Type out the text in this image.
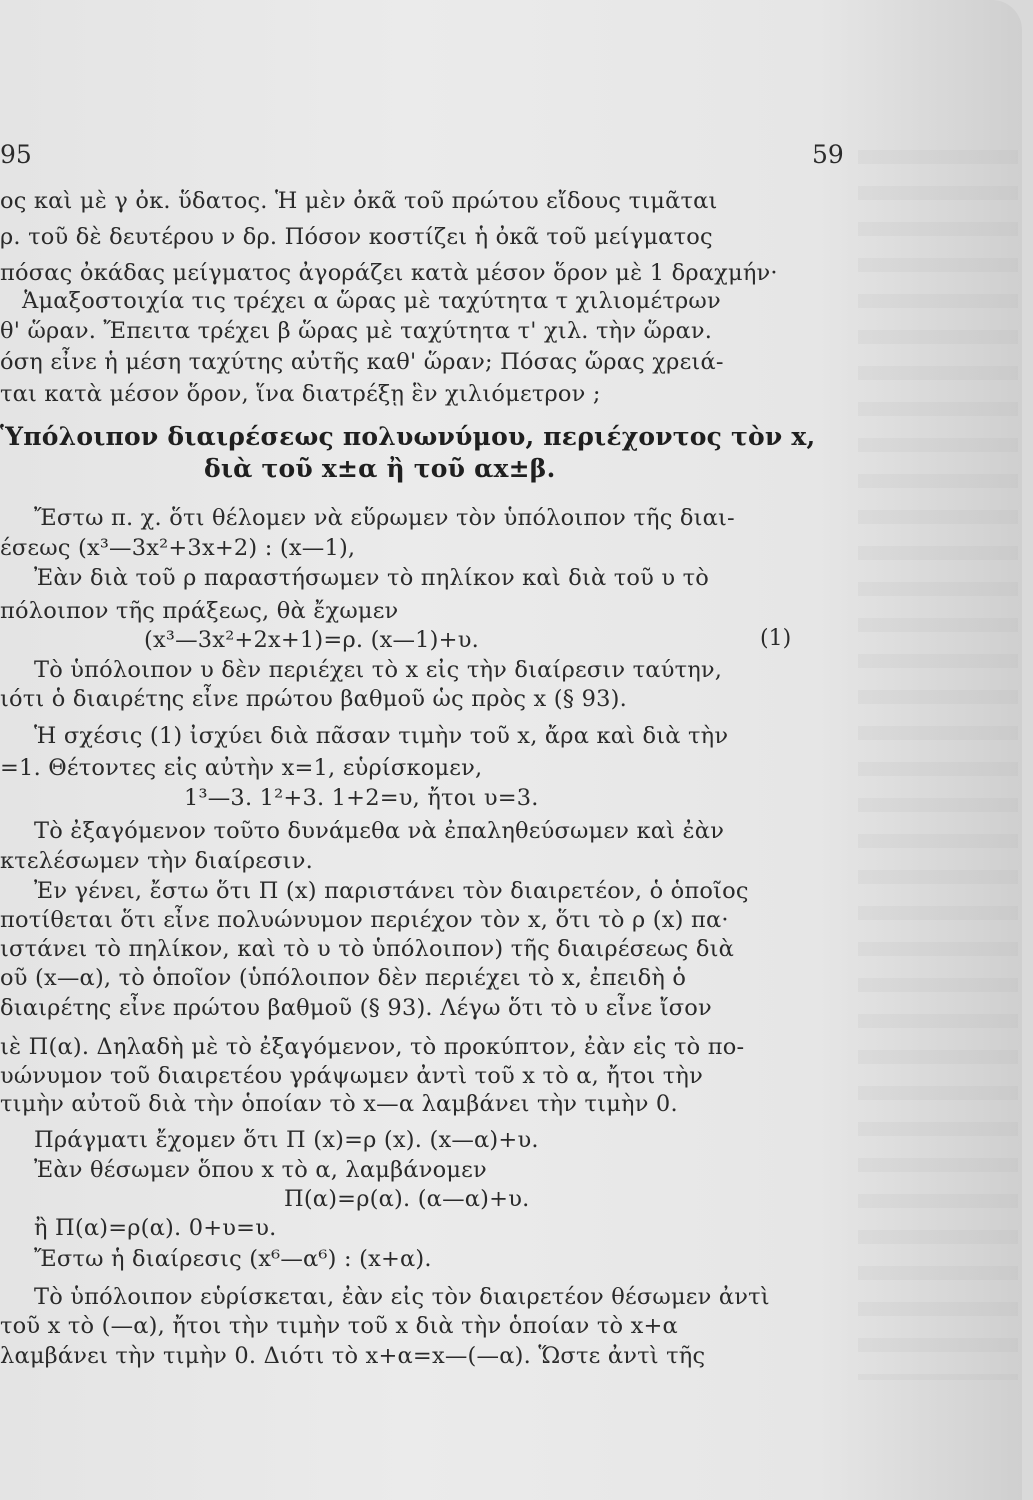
95	59
ος καὶ μὲ γ ὀκ. ὕδατος. Ἡ μὲν ὀκᾶ τοῦ πρώτου εἴδους τιμᾶται
ρ. τοῦ δὲ δευτέρου ν δρ. Πόσον κοστίζει ἡ ὀκᾶ τοῦ μείγματος
πόσας ὀκάδας μείγματος ἀγοράζει κατὰ μέσον ὅρον μὲ 1 δραχμήν·
Ἁμαξοστοιχία τις τρέχει α ὥρας μὲ ταχύτητα τ χιλιομέτρων
θ' ὥραν. Ἔπειτα τρέχει β ὥρας μὲ ταχύτητα τ' χιλ. τὴν ὥραν.
όση εἶνε ἡ μέση ταχύτης αὐτῆς καθ' ὥραν; Πόσας ὥρας χρειά-
ται κατὰ μέσον ὅρον, ἵνα διατρέξῃ ἓν χιλιόμετρον ;
Ὑπόλοιπον διαιρέσεως πολυωνύμου, περιέχοντος τὸν x,
διὰ τοῦ x±α ἢ τοῦ αx±β.
Ἔστω π. χ. ὅτι θέλομεν νὰ εὕρωμεν τὸν ὑπόλοιπον τῆς διαι-
έσεως (x³—3x²+3x+2) : (x—1),
Ἐὰν διὰ τοῦ ρ παραστήσωμεν τὸ πηλίκον καὶ διὰ τοῦ υ τὸ
πόλοιπον τῆς πράξεως, θὰ ἔχωμεν
(x³—3x²+2x+1)=ρ. (x—1)+υ.	(1)
Τὸ ὑπόλοιπον υ δὲν περιέχει τὸ x εἰς τὴν διαίρεσιν ταύτην,
ιότι ὁ διαιρέτης εἶνε πρώτου βαθμοῦ ὡς πρὸς x (§ 93).
Ἡ σχέσις (1) ἰσχύει διὰ πᾶσαν τιμὴν τοῦ x, ἄρα καὶ διὰ τὴν
=1. Θέτοντες εἰς αὐτὴν x=1, εὑρίσκομεν,
1³—3. 1²+3. 1+2=υ, ἤτοι υ=3.
Τὸ ἐξαγόμενον τοῦτο δυνάμεθα νὰ ἐπαληθεύσωμεν καὶ ἐὰν
κτελέσωμεν τὴν διαίρεσιν.
Ἐν γένει, ἔστω ὅτι Π (x) παριστάνει τὸν διαιρετέον, ὁ ὁποῖος
ποτίθεται ὅτι εἶνε πολυώνυμον περιέχον τὸν x, ὅτι τὸ ρ (x) πα·
ιστάνει τὸ πηλίκον, καὶ τὸ υ τὸ ὑπόλοιπον) τῆς διαιρέσεως διὰ
οῦ (x—α), τὸ ὁποῖον (ὑπόλοιπον δὲν περιέχει τὸ x, ἐπειδὴ ὁ
διαιρέτης εἶνε πρώτου βαθμοῦ (§ 93). Λέγω ὅτι τὸ υ εἶνε ἴσον
ιὲ Π(α). Δηλαδὴ μὲ τὸ ἐξαγόμενον, τὸ προκύπτον, ἐὰν εἰς τὸ πο-
υώνυμον τοῦ διαιρετέου γράψωμεν ἀντὶ τοῦ x τὸ α, ἤτοι τὴν
τιμὴν αὐτοῦ διὰ τὴν ὁποίαν τὸ x—α λαμβάνει τὴν τιμὴν 0.
Πράγματι ἔχομεν ὅτι Π (x)=ρ (x). (x—α)+υ.
Ἐὰν θέσωμεν ὅπου x τὸ α, λαμβάνομεν
Π(α)=ρ(α). (α—α)+υ.
ἢ Π(α)=ρ(α). 0+υ=υ.
Ἔστω ἡ διαίρεσις (x⁶—α⁶) : (x+α).
Τὸ ὑπόλοιπον εὑρίσκεται, ἐὰν εἰς τὸν διαιρετέον θέσωμεν ἀντὶ
τοῦ x τὸ (—α), ἤτοι τὴν τιμὴν τοῦ x διὰ τὴν ὁποίαν τὸ x+α
λαμβάνει τὴν τιμὴν 0. Διότι τὸ x+α=x—(—α). Ὥστε ἀντὶ τῆς
